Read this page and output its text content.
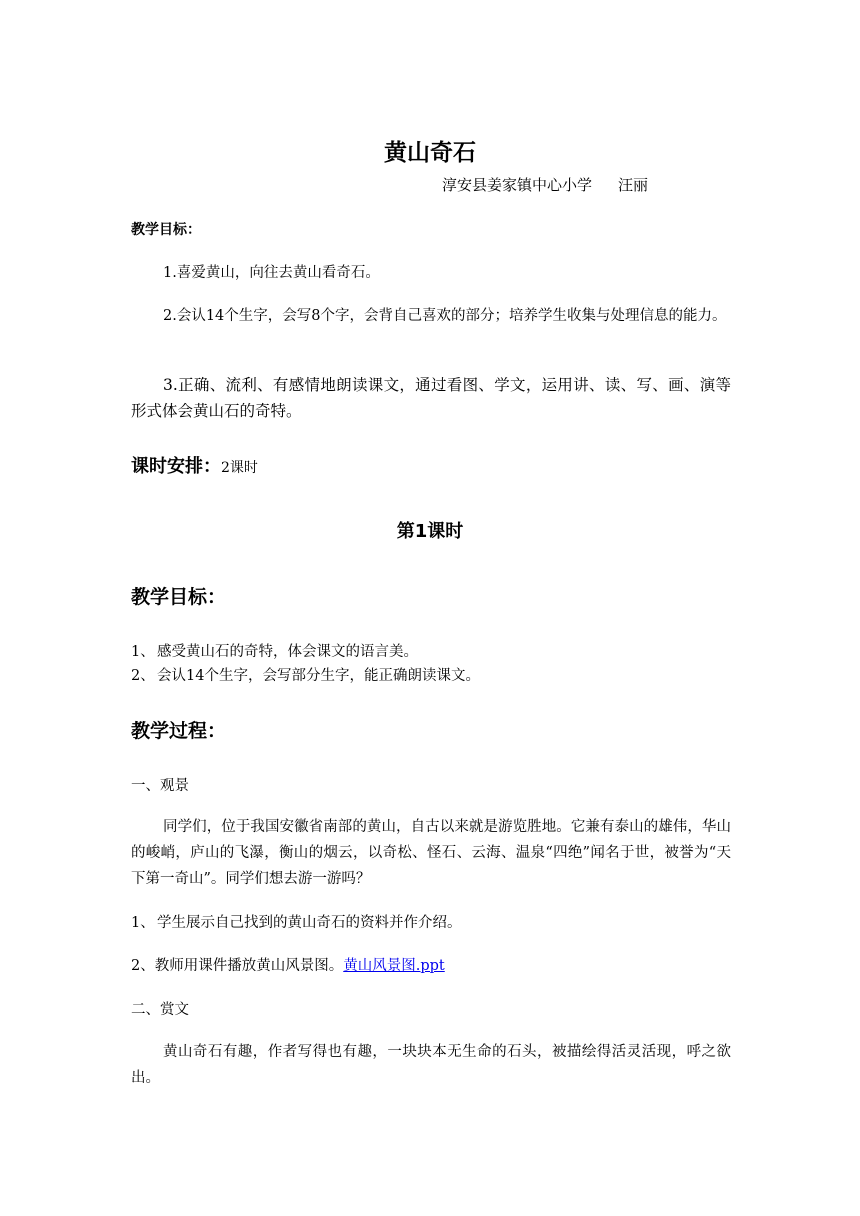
黄山奇石
淳安县姜家镇中心小学 汪丽
教学目标：
1.喜爱黄山，向往去黄山看奇石。
2.会认14个生字，会写8个字，会背自己喜欢的部分；培养学生收集与处理信息的能力。
3.正确、流利、有感情地朗读课文，通过看图、学文，运用讲、读、写、画、演等形式体会黄山石的奇特。
课时安排：2课时
第1课时
教学目标：
1、 感受黄山石的奇特，体会课文的语言美。
2、 会认14个生字，会写部分生字，能正确朗读课文。
教学过程：
一、观景
同学们，位于我国安徽省南部的黄山，自古以来就是游览胜地。它兼有泰山的雄伟，华山的峻峭，庐山的飞瀑，衡山的烟云，以奇松、怪石、云海、温泉“四绝”闻名于世，被誉为“天下第一奇山”。同学们想去游一游吗？
1、 学生展示自己找到的黄山奇石的资料并作介绍。
2、教师用课件播放黄山风景图。黄山风景图.ppt
二、赏文
黄山奇石有趣，作者写得也有趣，一块块本无生命的石头，被描绘得活灵活现，呼之欲出。
